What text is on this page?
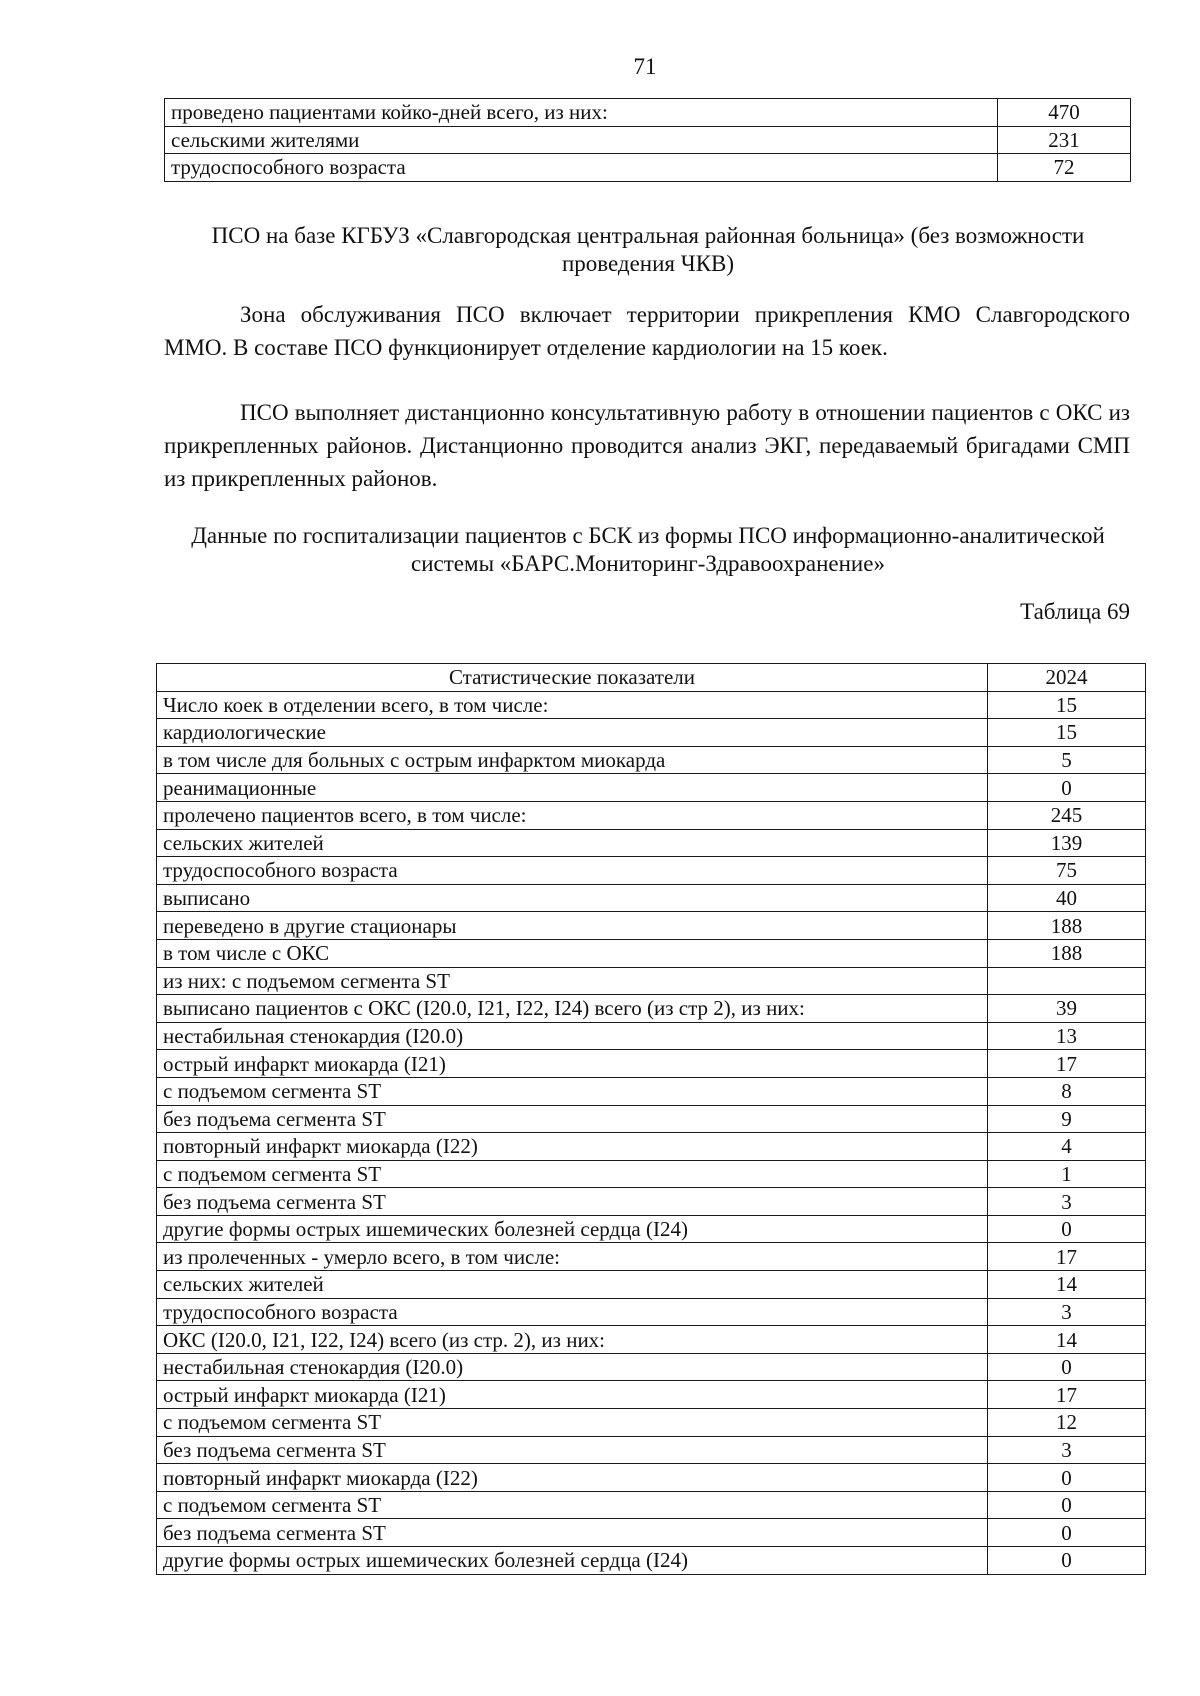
71
проведено пациентами койко-дней всего, из них:	470
сельскими жителями	231
трудоспособного возраста	72
ПСО на базе КГБУЗ «Славгородская центральная районная больница» (без возможности проведения ЧКВ)

Зона обслуживания ПСО включает территории прикрепления КМО Славгородского ММО. В составе ПСО функционирует отделение кардиологии на 15 коек.

ПСО выполняет дистанционно консультативную работу в отношении пациентов с ОКС из прикрепленных районов. Дистанционно проводится анализ ЭКГ, передаваемый бригадами СМП из прикрепленных районов.

Данные по госпитализации пациентов с БСК из формы ПСО информационно-аналитической системы «БАРС.Мониторинг-Здравоохранение»
Таблица 69
Статистические показатели	2024
Число коек в отделении всего, в том числе:	15
кардиологические	15
в том числе для больных с острым инфарктом миокарда	5
реанимационные	0
пролечено пациентов всего, в том числе:	245
сельских жителей	139
трудоспособного возраста	75
выписано	40
переведено в другие стационары	188
в том числе с ОКС	188
из них: с подъемом сегмента ST	
выписано пациентов с ОКС (I20.0, I21, I22, I24) всего (из стр 2), из них:	39
нестабильная стенокардия (I20.0)	13
острый инфаркт миокарда (I21)	17
с подъемом сегмента ST	8
без подъема сегмента ST	9
повторный инфаркт миокарда (I22)	4
с подъемом сегмента ST	1
без подъема сегмента ST	3
другие формы острых ишемических болезней сердца (I24)	0
из пролеченных - умерло всего, в том числе:	17
сельских жителей	14
трудоспособного возраста	3
ОКС (I20.0, I21, I22, I24) всего (из стр. 2), из них:	14
нестабильная стенокардия (I20.0)	0
острый инфаркт миокарда (I21)	17
с подъемом сегмента ST	12
без подъема сегмента ST	3
повторный инфаркт миокарда (I22)	0
с подъемом сегмента ST	0
без подъема сегмента ST	0
другие формы острых ишемических болезней сердца (I24)	0
